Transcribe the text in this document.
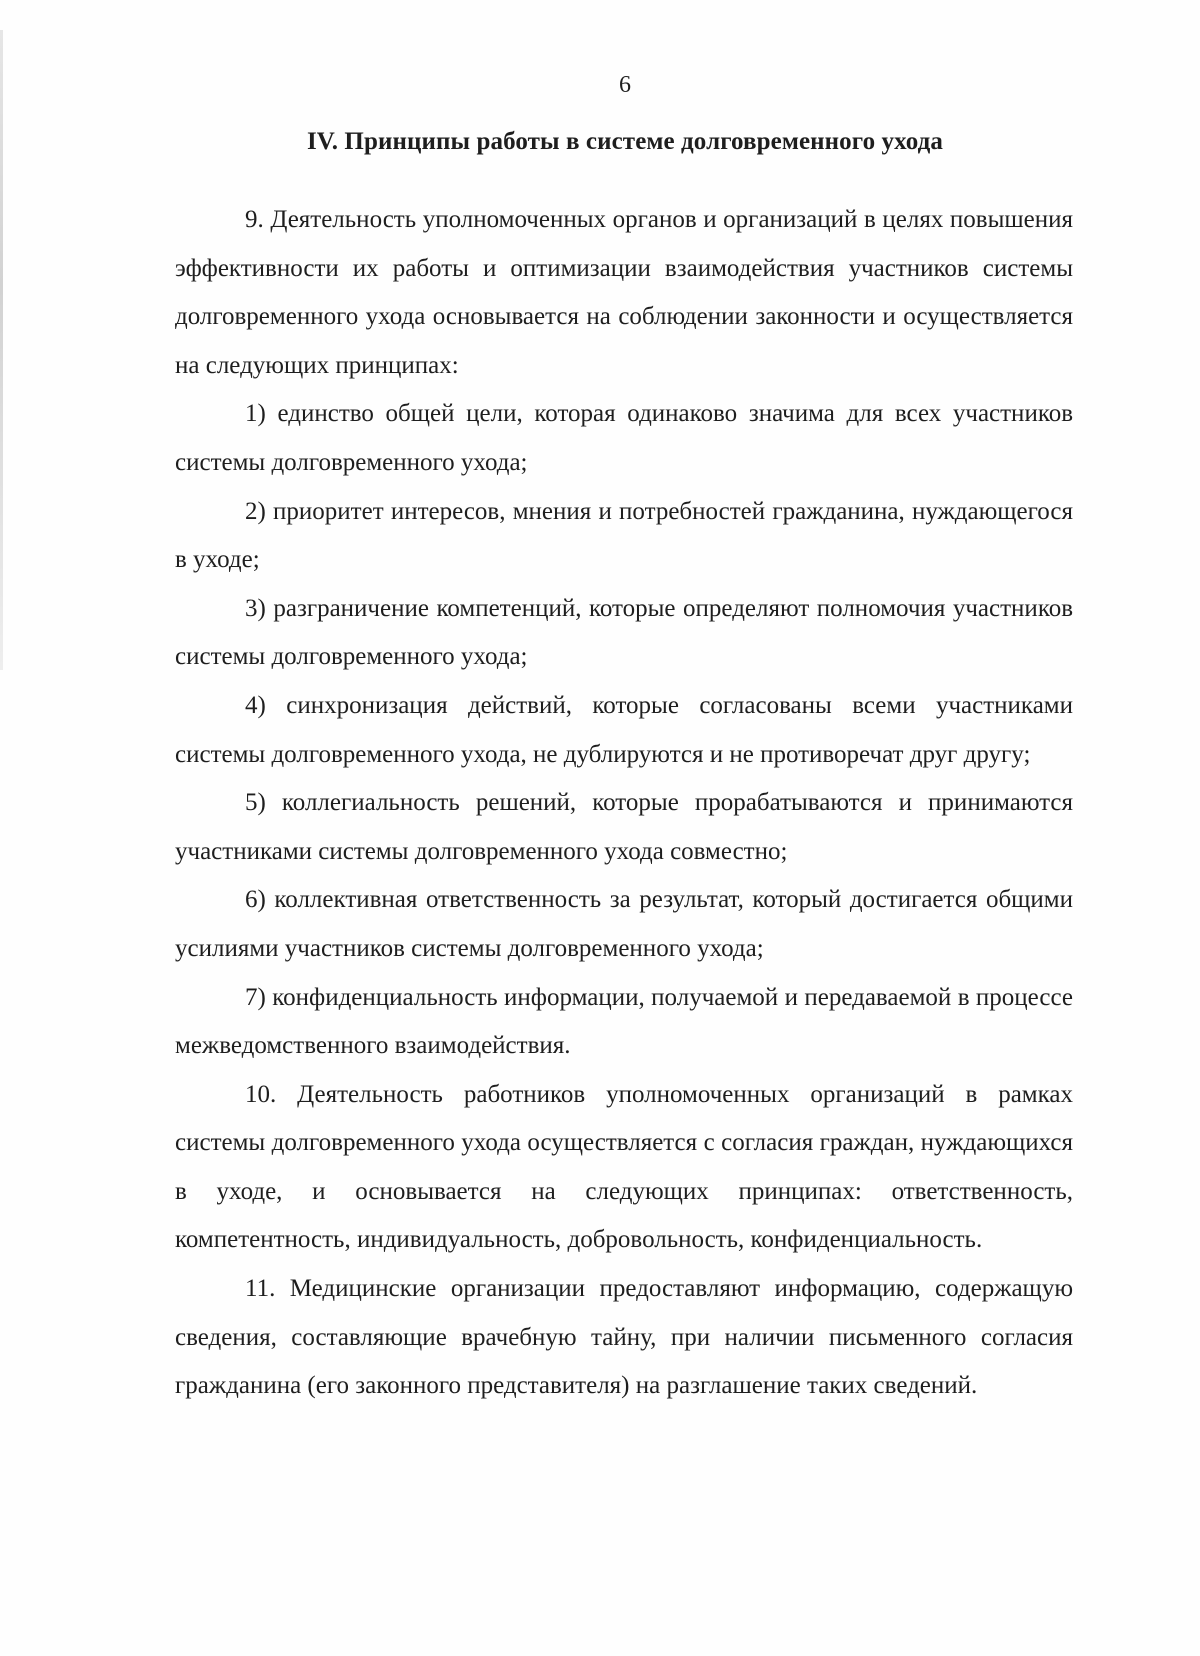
6
IV. Принципы работы в системе долговременного ухода

9. Деятельность уполномоченных органов и организаций в целях повышения эффективности их работы и оптимизации взаимодействия участников системы долговременного ухода основывается на соблюдении законности и осуществляется на следующих принципах:

1) единство общей цели, которая одинаково значима для всех участников системы долговременного ухода;

2) приоритет интересов, мнения и потребностей гражданина, нуждающегося в уходе;

3) разграничение компетенций, которые определяют полномочия участников системы долговременного ухода;

4) синхронизация действий, которые согласованы всеми участниками системы долговременного ухода, не дублируются и не противоречат друг другу;

5) коллегиальность решений, которые прорабатываются и принимаются участниками системы долговременного ухода совместно;

6) коллективная ответственность за результат, который достигается общими усилиями участников системы долговременного ухода;

7) конфиденциальность информации, получаемой и передаваемой в процессе межведомственного взаимодействия.

10. Деятельность работников уполномоченных организаций в рамках системы долговременного ухода осуществляется с согласия граждан, нуждающихся в уходе, и основывается на следующих принципах: ответственность, компетентность, индивидуальность, добровольность, конфиденциальность.

11. Медицинские организации предоставляют информацию, содержащую сведения, составляющие врачебную тайну, при наличии письменного согласия гражданина (его законного представителя) на разглашение таких сведений.
